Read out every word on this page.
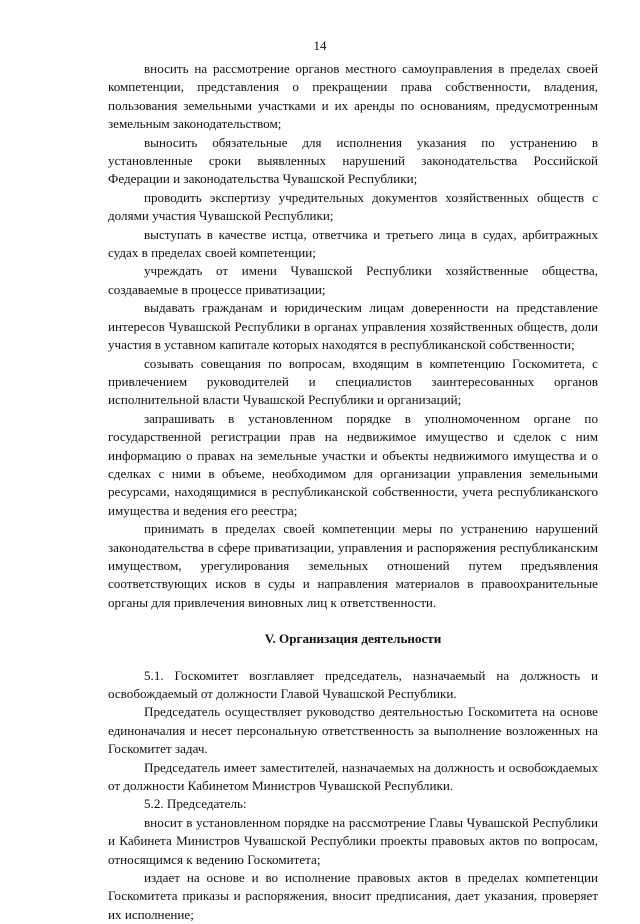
14

вносить на рассмотрение органов местного самоуправления в пределах своей компетенции, представления о прекращении права собственности, владения, пользования земельными участками и их аренды по основаниям, предусмотренным земельным законодательством;

выносить обязательные для исполнения указания по устранению в установленные сроки выявленных нарушений законодательства Российской Федерации и законодательства Чувашской Республики;

проводить экспертизу учредительных документов хозяйственных обществ с долями участия Чувашской Республики;

выступать в качестве истца, ответчика и третьего лица в судах, арбитражных судах в пределах своей компетенции;

учреждать от имени Чувашской Республики хозяйственные общества, создаваемые в процессе приватизации;

выдавать гражданам и юридическим лицам доверенности на представление интересов Чувашской Республики в органах управления хозяйственных обществ, доли участия в уставном капитале которых находятся в республиканской собственности;

созывать совещания по вопросам, входящим в компетенцию Госкомитета, с привлечением руководителей и специалистов заинтересованных органов исполнительной власти Чувашской Республики и организаций;

запрашивать в установленном порядке в уполномоченном органе по государственной регистрации прав на недвижимое имущество и сделок с ним информацию о правах на земельные участки и объекты недвижимого имущества и о сделках с ними в объеме, необходимом для организации управления земельными ресурсами, находящимися в республиканской собственности, учета республиканского имущества и ведения его реестра;

принимать в пределах своей компетенции меры по устранению нарушений законодательства в сфере приватизации, управления и распоряжения республиканским имуществом, урегулирования земельных отношений путем предъявления соответствующих исков в суды и направления материалов в правоохранительные органы для привлечения виновных лиц к ответственности.

V. Организация деятельности

5.1. Госкомитет возглавляет председатель, назначаемый на должность и освобождаемый от должности Главой Чувашской Республики.

Председатель осуществляет руководство деятельностью Госкомитета на основе единоначалия и несет персональную ответственность за выполнение возложенных на Госкомитет задач.

Председатель имеет заместителей, назначаемых на должность и освобождаемых от должности Кабинетом Министров Чувашской Республики.

5.2. Председатель:

вносит в установленном порядке на рассмотрение Главы Чувашской Республики и Кабинета Министров Чувашской Республики проекты правовых актов по вопросам, относящимся к ведению Госкомитета;

издает на основе и во исполнение правовых актов в пределах компетенции Госкомитета приказы и распоряжения, вносит предписания, дает указания, проверяет их исполнение;
